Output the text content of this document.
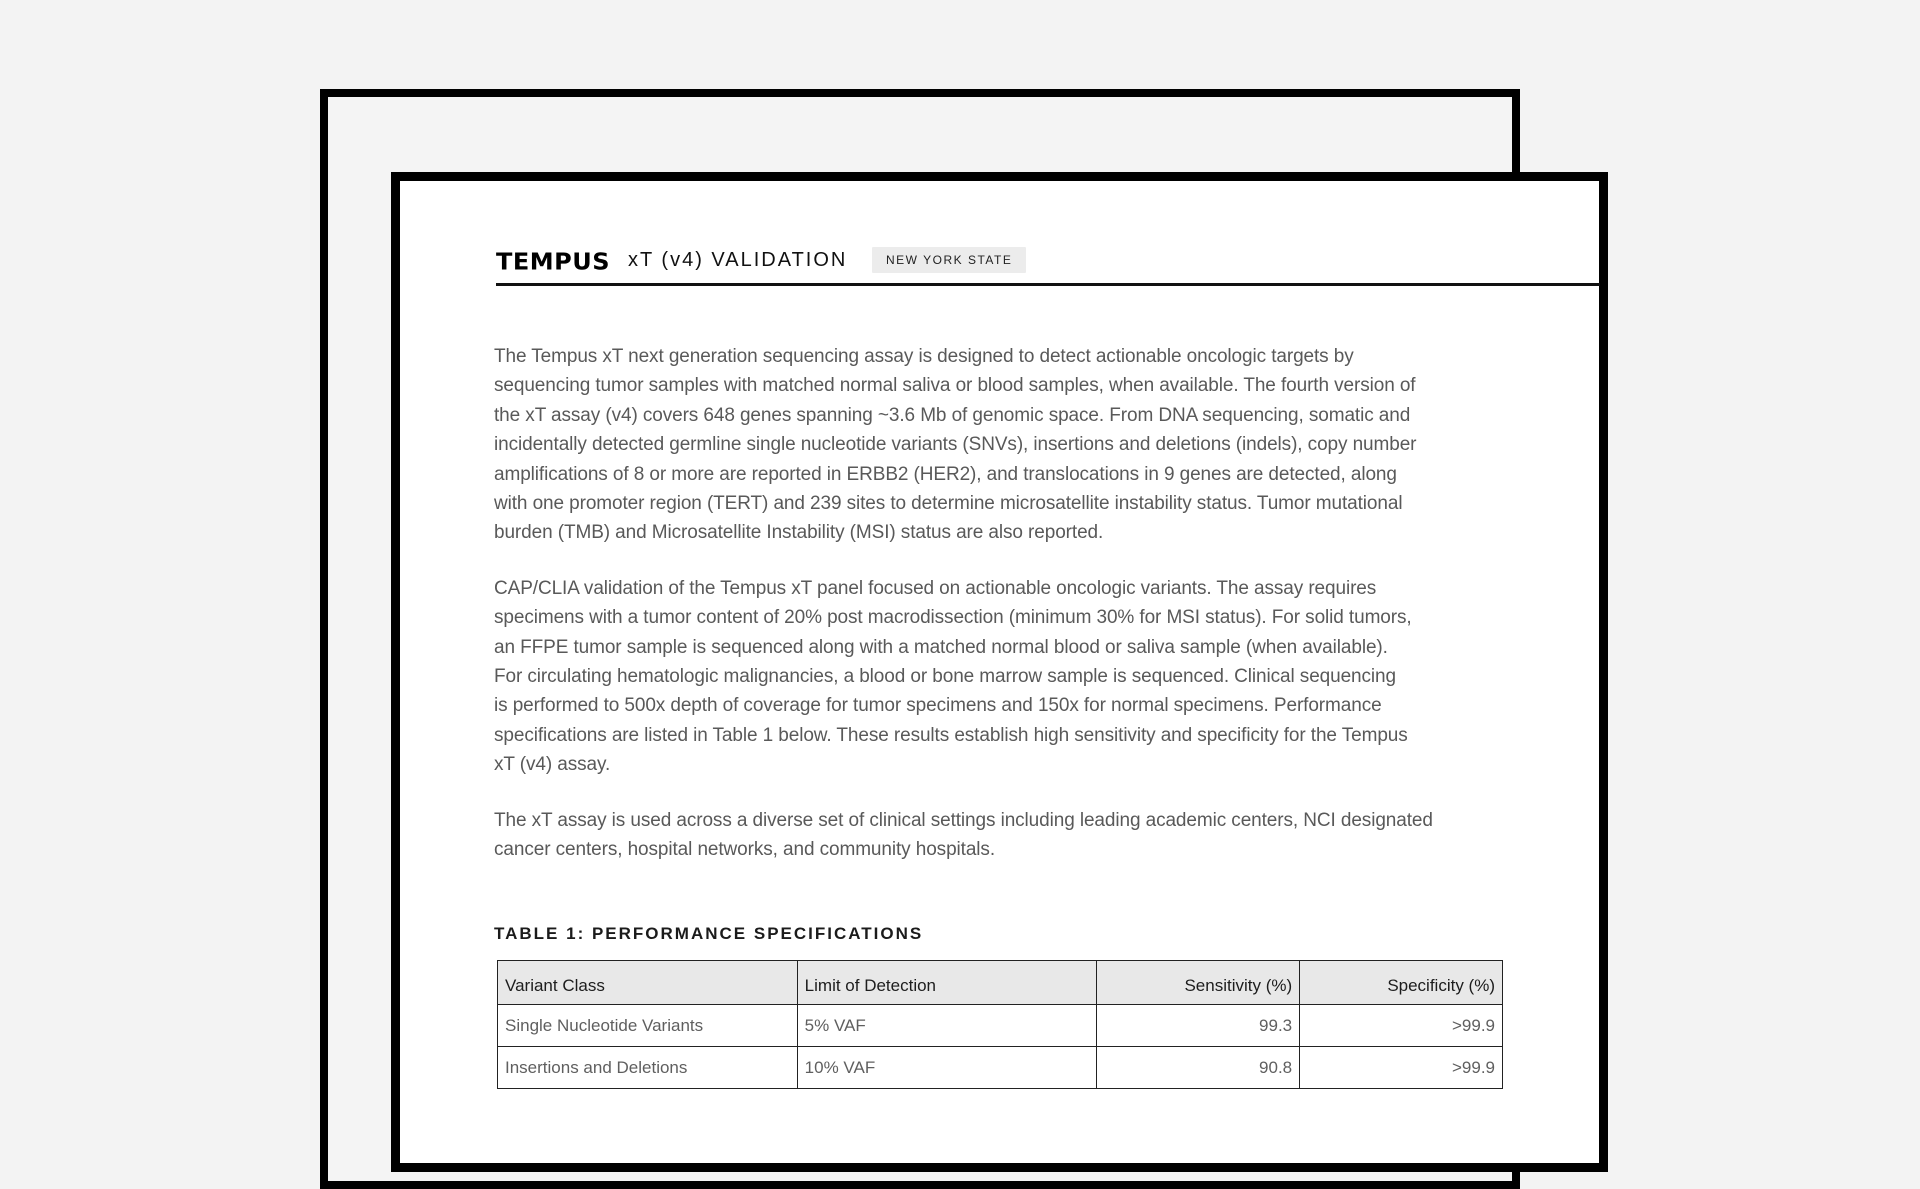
TEMPUS xT (v4) VALIDATION	NEW YORK STATE

The Tempus xT next generation sequencing assay is designed to detect actionable oncologic targets by
sequencing tumor samples with matched normal saliva or blood samples, when available. The fourth version of
the xT assay (v4) covers 648 genes spanning ~3.6 Mb of genomic space. From DNA sequencing, somatic and
incidentally detected germline single nucleotide variants (SNVs), insertions and deletions (indels), copy number
amplifications of 8 or more are reported in ERBB2 (HER2), and translocations in 9 genes are detected, along
with one promoter region (TERT) and 239 sites to determine microsatellite instability status. Tumor mutational
burden (TMB) and Microsatellite Instability (MSI) status are also reported.

CAP/CLIA validation of the Tempus xT panel focused on actionable oncologic variants. The assay requires
specimens with a tumor content of 20% post macrodissection (minimum 30% for MSI status). For solid tumors,
an FFPE tumor sample is sequenced along with a matched normal blood or saliva sample (when available).
For circulating hematologic malignancies, a blood or bone marrow sample is sequenced. Clinical sequencing
is performed to 500x depth of coverage for tumor specimens and 150x for normal specimens. Performance
specifications are listed in Table 1 below. These results establish high sensitivity and specificity for the Tempus
xT (v4) assay.

The xT assay is used across a diverse set of clinical settings including leading academic centers, NCI designated
cancer centers, hospital networks, and community hospitals.

TABLE 1: PERFORMANCE SPECIFICATIONS
Variant Class	Limit of Detection	Sensitivity (%)	Specificity (%)
Single Nucleotide Variants	5% VAF	99.3	>99.9
Insertions and Deletions	10% VAF	90.8	>99.9
